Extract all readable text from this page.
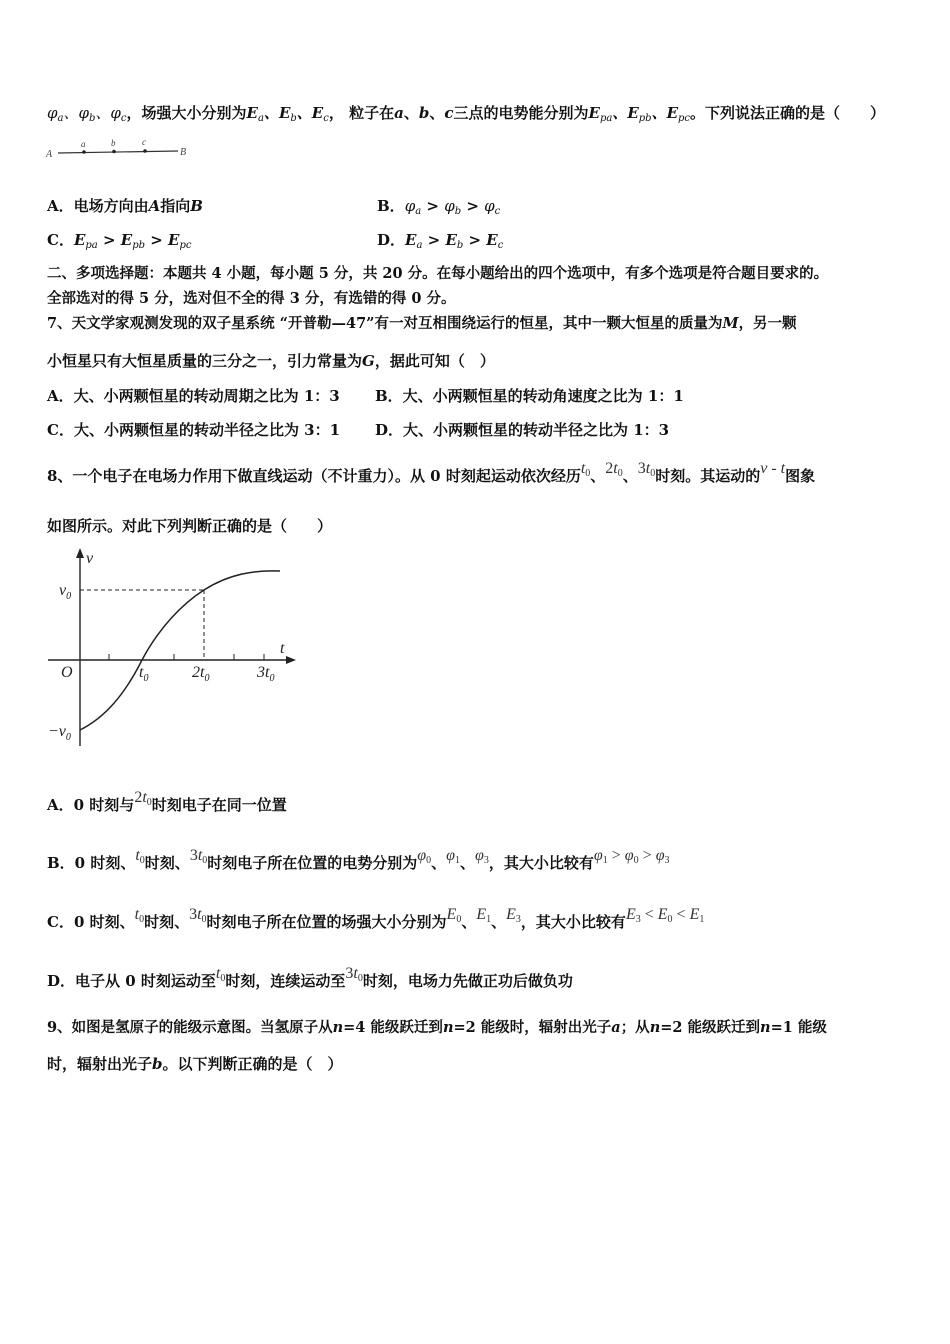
$\varphi_a$、$\varphi_b$、$\varphi_c$，场强大小分别为$E_a$、$E_b$、$E_c$， 粒子在a、b、c三点的电势能分别为$E_{pa}$、$E_{pb}$、$E_{pc}$。下列说法正确的是（　　）
A
a	b	c
B
A．电场方向由A指向B	B．$\varphi_a > \varphi_b > \varphi_c$
C．$E_{pa} > E_{pb} > E_{pc}$	D．$E_a > E_b > E_c$
二、多项选择题：本题共 4 小题，每小题 5 分，共 20 分。在每小题给出的四个选项中，有多个选项是符合题目要求的。
全部选对的得 5 分，选对但不全的得 3 分，有选错的得 0 分。
7、天文学家观测发现的双子星系统 “开普勒—47”有一对互相围绕运行的恒星，其中一颗大恒星的质量为M，另一颗
小恒星只有大恒星质量的三分之一，引力常量为G，据此可知（　）
A．大、小两颗恒星的转动周期之比为 1：3 B．大、小两颗恒星的转动角速度之比为 1：1
C．大、小两颗恒星的转动半径之比为 3：1 D．大、小两颗恒星的转动半径之比为 1：3
8、一个电子在电场力作用下做直线运动（不计重力）。从 0 时刻起运动依次经历t0、2t0、3t0时刻。其运动的v - t图象
如图所示。对此下列判断正确的是（　　）
v
t
O
$v_0$
$-v_0$
$t_0$	$2t_0$	$3t_0$
A．0 时刻与2t0时刻电子在同一位置
B．0 时刻、t0时刻、3t0时刻电子所在位置的电势分别为φ0、φ1、φ3，其大小比较有φ1 > φ0 > φ3
C．0 时刻、t0时刻、3t0时刻电子所在位置的场强大小分别为E0、E1、E3，其大小比较有E3 < E0 < E1
D．电子从 0 时刻运动至t0时刻，连续运动至3t0时刻，电场力先做正功后做负功
9、如图是氢原子的能级示意图。当氢原子从n=4 能级跃迁到n=2 能级时，辐射出光子a；从n=2 能级跃迁到n=1 能级
时，辐射出光子b。以下判断正确的是（　）
